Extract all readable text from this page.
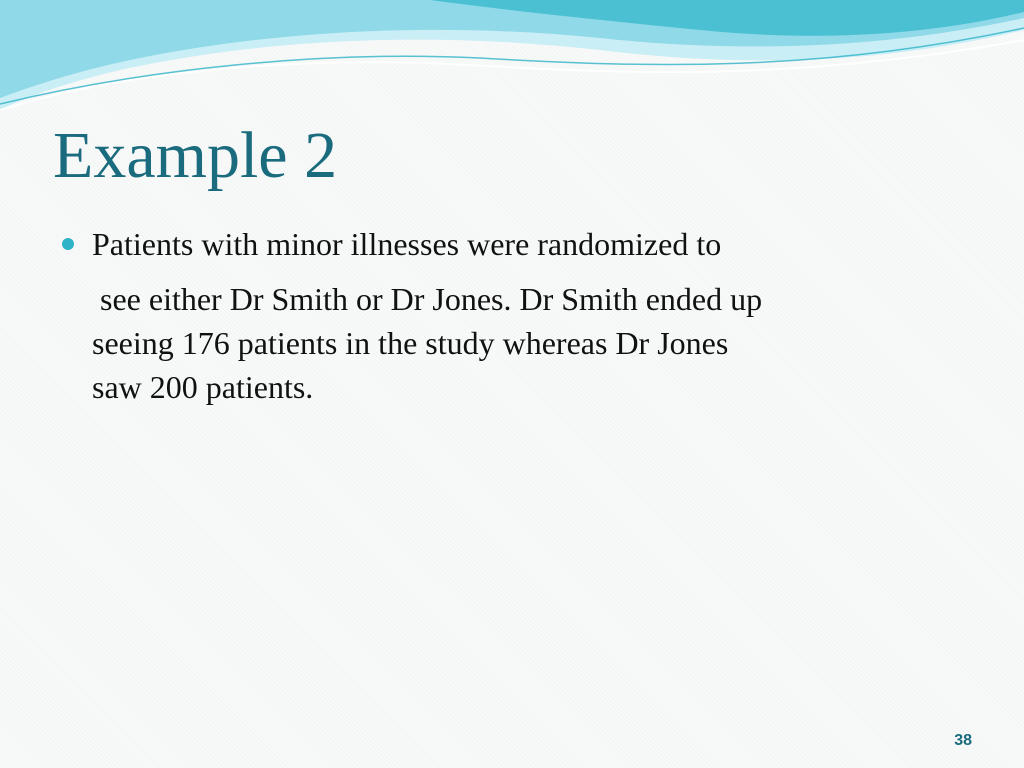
Example 2
Patients with minor illnesses were randomized to
see either Dr Smith or Dr Jones. Dr Smith ended up
seeing 176 patients in the study whereas Dr Jones
saw 200 patients.
38
